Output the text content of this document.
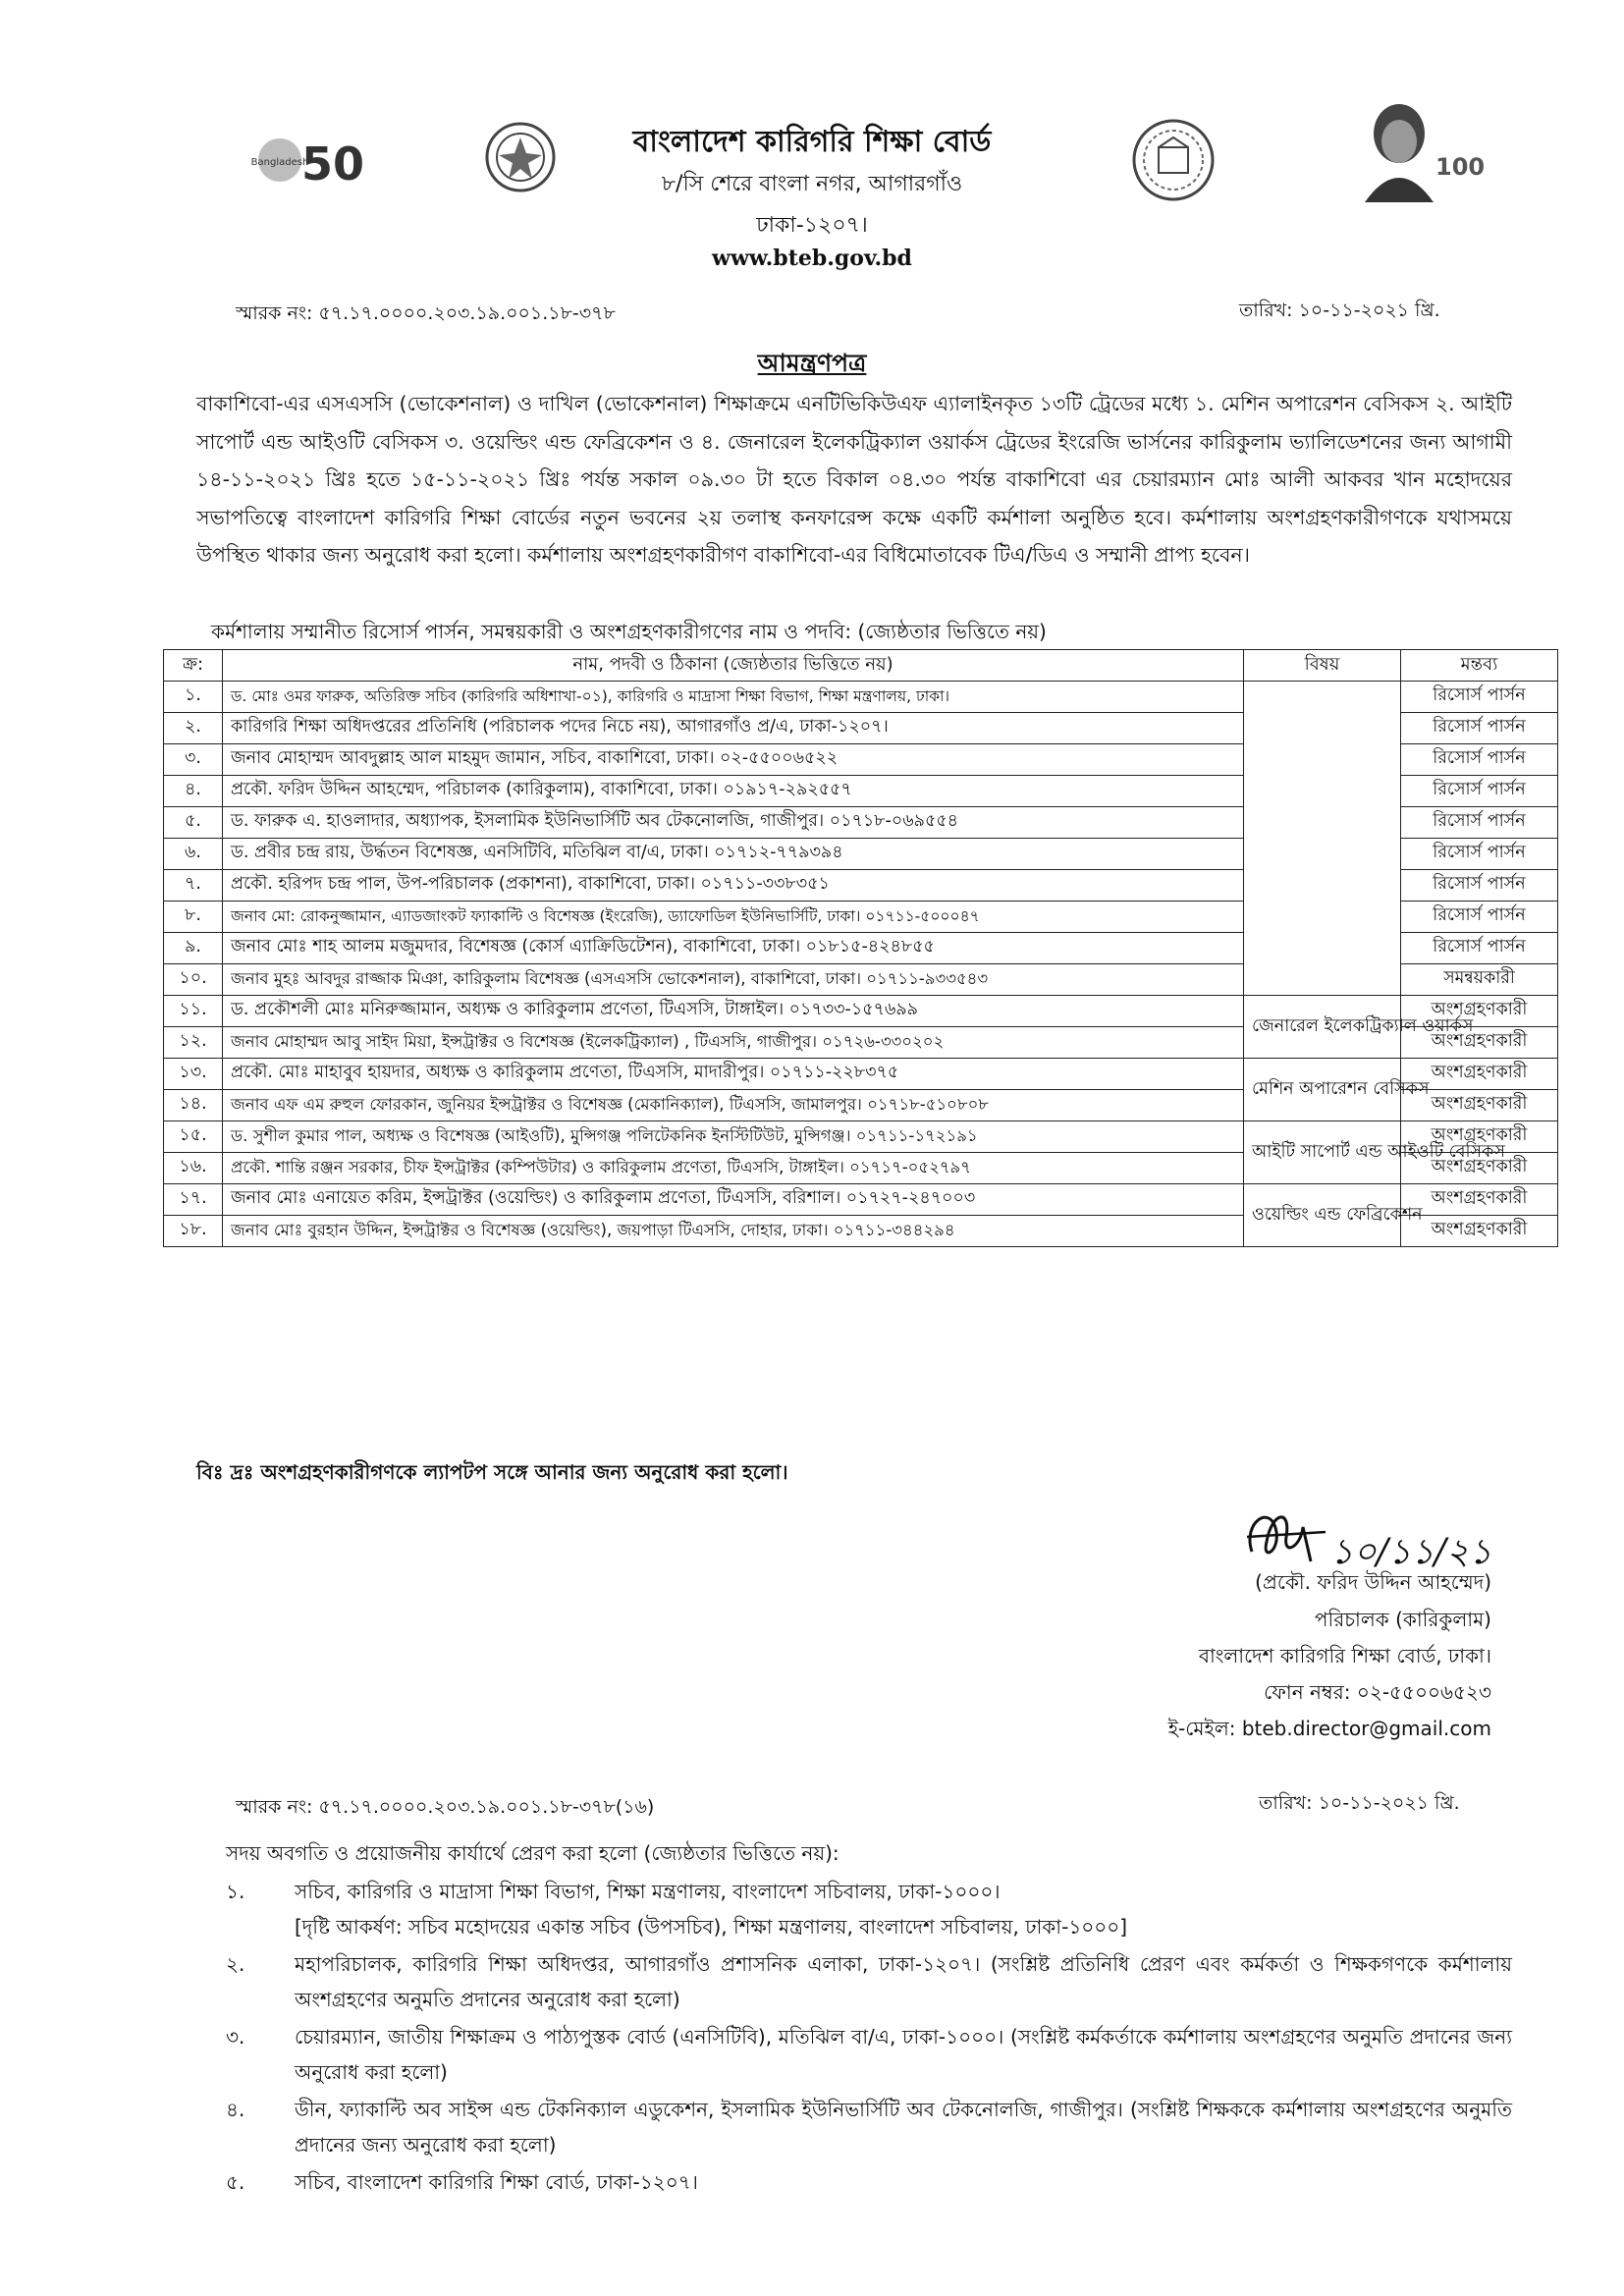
Bangladesh
50	100
বাংলাদেশ কারিগরি শিক্ষা বোর্ড
৮/সি শেরে বাংলা নগর, আগারগাঁও
ঢাকা-১২০৭।
www.bteb.gov.bd
স্মারক নং: ৫৭.১৭.০০০০.২০৩.১৯.০০১.১৮-৩৭৮	তারিখ: ১০-১১-২০২১ খ্রি.
আমন্ত্রণপত্র
বাকাশিবো-এর এসএসসি (ভোকেশনাল) ও দাখিল (ভোকেশনাল) শিক্ষাক্রমে এনটিভিকিউএফ এ্যালাইনকৃত ১৩টি ট্রেডের মধ্যে ১. মেশিন অপারেশন বেসিকস ২. আইটি সাপোর্ট এন্ড আইওটি বেসিকস ৩. ওয়েল্ডিং এন্ড ফেব্রিকেশন ও ৪. জেনারেল ইলেকট্রিক্যাল ওয়ার্কস ট্রেডের ইংরেজি ভার্সনের কারিকুলাম ভ্যালিডেশনের জন্য আগামী ১৪-১১-২০২১ খ্রিঃ হতে ১৫-১১-২০২১ খ্রিঃ পর্যন্ত সকাল ০৯.৩০ টা হতে বিকাল ০৪.৩০ পর্যন্ত বাকাশিবো এর চেয়ারম্যান মোঃ আলী আকবর খান মহোদয়ের সভাপতিত্বে বাংলাদেশ কারিগরি শিক্ষা বোর্ডের নতুন ভবনের ২য় তলাস্থ কনফারেন্স কক্ষে একটি কর্মশালা অনুষ্ঠিত হবে। কর্মশালায় অংশগ্রহণকারীগণকে যথাসময়ে উপস্থিত থাকার জন্য অনুরোধ করা হলো। কর্মশালায় অংশগ্রহণকারীগণ বাকাশিবো-এর বিধিমোতাবেক টিএ/ডিএ ও সম্মানী প্রাপ্য হবেন।
কর্মশালায় সম্মানীত রিসোর্স পার্সন, সমন্বয়কারী ও অংশগ্রহণকারীগণের নাম ও পদবি: (জ্যেষ্ঠতার ভিত্তিতে নয়)
ক্র:	নাম, পদবী ও ঠিকানা (জ্যেষ্ঠতার ভিত্তিতে নয়)	বিষয়	মন্তব্য
১.	ড. মোঃ ওমর ফারুক, অতিরিক্ত সচিব (কারিগরি অধিশাখা-০১), কারিগরি ও মাদ্রাসা শিক্ষা বিভাগ, শিক্ষা মন্ত্রণালয়, ঢাকা।		রিসোর্স পার্সন
২.	কারিগরি শিক্ষা অধিদপ্তরের প্রতিনিধি (পরিচালক পদের নিচে নয়), আগারগাঁও প্র/এ, ঢাকা-১২০৭।		রিসোর্স পার্সন
৩.	জনাব মোহাম্মদ আবদুল্লাহ আল মাহমুদ জামান, সচিব, বাকাশিবো, ঢাকা। ০২-৫৫০০৬৫২২		রিসোর্স পার্সন
৪.	প্রকৌ. ফরিদ উদ্দিন আহম্মেদ, পরিচালক (কারিকুলাম), বাকাশিবো, ঢাকা। ০১৯১৭-২৯২৫৫৭		রিসোর্স পার্সন
৫.	ড. ফারুক এ. হাওলাদার, অধ্যাপক, ইসলামিক ইউনিভার্সিটি অব টেকনোলজি, গাজীপুর। ০১৭১৮-০৬৯৫৫৪		রিসোর্স পার্সন
৬.	ড. প্রবীর চন্দ্র রায়, উর্দ্ধতন বিশেষজ্ঞ, এনসিটিবি, মতিঝিল বা/এ, ঢাকা। ০১৭১২-৭৭৯৩৯৪		রিসোর্স পার্সন
৭.	প্রকৌ. হরিপদ চন্দ্র পাল, উপ-পরিচালক (প্রকাশনা), বাকাশিবো, ঢাকা। ০১৭১১-৩৩৮৩৫১		রিসোর্স পার্সন
৮.	জনাব মো: রোকনুজ্জামান, এ্যাডজাংকট ফ্যাকাল্টি ও বিশেষজ্ঞ (ইংরেজি), ড্যাফোডিল ইউনিভার্সিটি, ঢাকা। ০১৭১১-৫০০০৪৭		রিসোর্স পার্সন
৯.	জনাব মোঃ শাহ আলম মজুমদার, বিশেষজ্ঞ (কোর্স এ্যাক্রিডিটেশন), বাকাশিবো, ঢাকা। ০১৮১৫-৪২৪৮৫৫		রিসোর্স পার্সন
১০.	জনাব মুহঃ আবদুর রাজ্জাক মিঞা, কারিকুলাম বিশেষজ্ঞ (এসএসসি ভোকেশনাল), বাকাশিবো, ঢাকা। ০১৭১১-৯৩৩৫৪৩		সমন্বয়কারী
১১.	ড. প্রকৌশলী মোঃ মনিরুজ্জামান, অধ্যক্ষ ও কারিকুলাম প্রণেতা, টিএসসি, টাঙ্গাইল। ০১৭৩৩-১৫৭৬৯৯	জেনারেল ইলেকট্রিক্যাল ওয়ার্কস	অংশগ্রহণকারী
১২.	জনাব মোহাম্মদ আবু সাইদ মিয়া, ইন্সট্রাক্টর ও বিশেষজ্ঞ (ইলেকট্রিক্যাল) , টিএসসি, গাজীপুর। ০১৭২৬-৩৩০২০২		অংশগ্রহণকারী
১৩.	প্রকৌ. মোঃ মাহাবুব হায়দার, অধ্যক্ষ ও কারিকুলাম প্রণেতা, টিএসসি, মাদারীপুর। ০১৭১১-২২৮৩৭৫	মেশিন অপারেশন বেসিকস	অংশগ্রহণকারী
১৪.	জনাব এফ এম রুহুল ফোরকান, জুনিয়র ইন্সট্রাক্টর ও বিশেষজ্ঞ (মেকানিক্যাল), টিএসসি, জামালপুর। ০১৭১৮-৫১০৮০৮		অংশগ্রহণকারী
১৫.	ড. সুশীল কুমার পাল, অধ্যক্ষ ও বিশেষজ্ঞ (আইওটি), মুন্সিগঞ্জ পলিটেকনিক ইনস্টিটিউট, মুন্সিগঞ্জ। ০১৭১১-১৭২১৯১	আইটি সাপোর্ট এন্ড আইওটি বেসিকস	অংশগ্রহণকারী
১৬.	প্রকৌ. শান্তি রঞ্জন সরকার, চীফ ইন্সট্রাক্টর (কম্পিউটার) ও কারিকুলাম প্রণেতা, টিএসসি, টাঙ্গাইল। ০১৭১৭-০৫২৭৯৭		অংশগ্রহণকারী
১৭.	জনাব মোঃ এনায়েত করিম, ইন্সট্রাক্টর (ওয়েল্ডিং) ও কারিকুলাম প্রণেতা, টিএসসি, বরিশাল। ০১৭২৭-২৪৭০০৩	ওয়েল্ডিং এন্ড ফেব্রিকেশন	অংশগ্রহণকারী
১৮.	জনাব মোঃ বুরহান উদ্দিন, ইন্সট্রাক্টর ও বিশেষজ্ঞ (ওয়েল্ডিং), জয়পাড়া টিএসসি, দোহার, ঢাকা। ০১৭১১-৩৪৪২৯৪		অংশগ্রহণকারী
বিঃ দ্রঃ অংশগ্রহণকারীগণকে ল্যাপটপ সঙ্গে আনার জন্য অনুরোধ করা হলো।
১০/১১/২১
(প্রকৌ. ফরিদ উদ্দিন আহম্মেদ)
পরিচালক (কারিকুলাম)
বাংলাদেশ কারিগরি শিক্ষা বোর্ড, ঢাকা।
ফোন নম্বর: ০২-৫৫০০৬৫২৩
ই-মেইল: bteb.director@gmail.com
স্মারক নং: ৫৭.১৭.০০০০.২০৩.১৯.০০১.১৮-৩৭৮(১৬)	তারিখ: ১০-১১-২০২১ খ্রি.
সদয় অবগতি ও প্রয়োজনীয় কার্যার্থে প্রেরণ করা হলো (জ্যেষ্ঠতার ভিত্তিতে নয়):
১.	সচিব, কারিগরি ও মাদ্রাসা শিক্ষা বিভাগ, শিক্ষা মন্ত্রণালয়, বাংলাদেশ সচিবালয়, ঢাকা-১০০০।
[দৃষ্টি আকর্ষণ: সচিব মহোদয়ের একান্ত সচিব (উপসচিব), শিক্ষা মন্ত্রণালয়, বাংলাদেশ সচিবালয়, ঢাকা-১০০০]
২.	মহাপরিচালক, কারিগরি শিক্ষা অধিদপ্তর, আগারগাঁও প্রশাসনিক এলাকা, ঢাকা-১২০৭। (সংশ্লিষ্ট প্রতিনিধি প্রেরণ এবং কর্মকর্তা ও শিক্ষকগণকে কর্মশালায় অংশগ্রহণের অনুমতি প্রদানের অনুরোধ করা হলো)
৩.	চেয়ারম্যান, জাতীয় শিক্ষাক্রম ও পাঠ্যপুস্তক বোর্ড (এনসিটিবি), মতিঝিল বা/এ, ঢাকা-১০০০। (সংশ্লিষ্ট কর্মকর্তাকে কর্মশালায় অংশগ্রহণের অনুমতি প্রদানের জন্য অনুরোধ করা হলো)
৪.	ডীন, ফ্যাকাল্টি অব সাইন্স এন্ড টেকনিক্যাল এডুকেশন, ইসলামিক ইউনিভার্সিটি অব টেকনোলজি, গাজীপুর। (সংশ্লিষ্ট শিক্ষককে কর্মশালায় অংশগ্রহণের অনুমতি প্রদানের জন্য অনুরোধ করা হলো)
৫.	সচিব, বাংলাদেশ কারিগরি শিক্ষা বোর্ড, ঢাকা-১২০৭।
